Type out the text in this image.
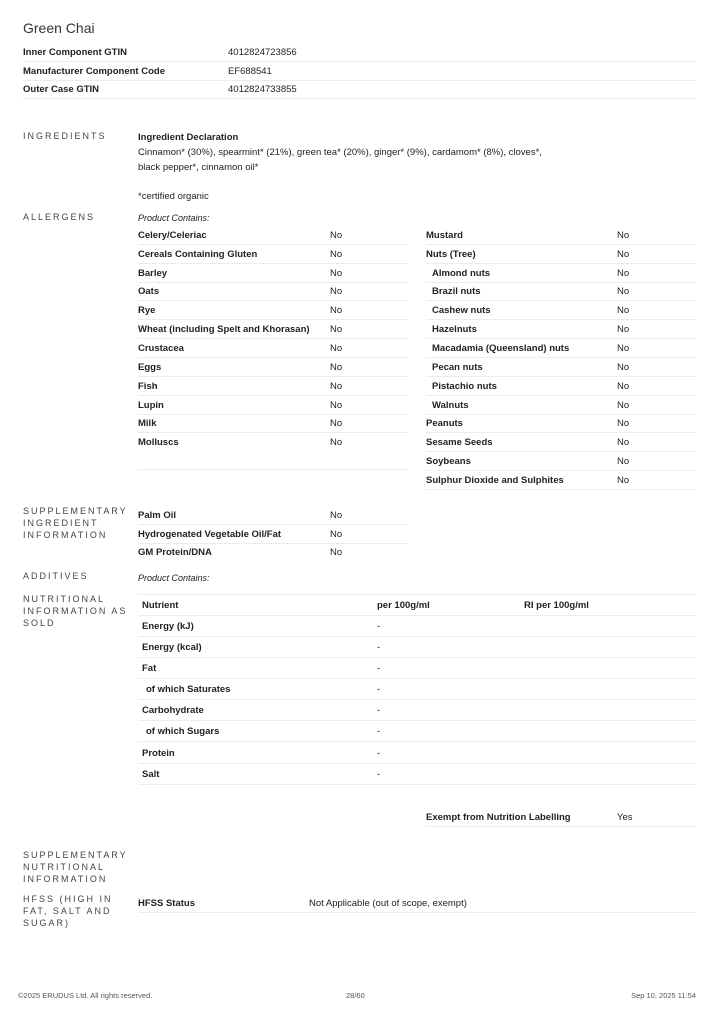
Green Chai
Inner Component GTIN	4012824723856
Manufacturer Component Code	EF688541
Outer Case GTIN	4012824733855
INGREDIENTS	Ingredient Declaration
Cinnamon* (30%), spearmint* (21%), green tea* (20%), ginger* (9%), cardamom* (8%), cloves*,
black pepper*, cinnamon oil*
*certified organic
ALLERGENS	Product Contains:
Celery/Celeriac	No
Cereals Containing Gluten	No
Barley	No
Oats	No
Rye	No
Wheat (including Spelt and Khorasan) No
Crustacea	No
Eggs	No
Fish	No
Lupin	No
Milk	No
Molluscs	No
Mustard	No
Nuts (Tree)	No
Almond nuts	No
Brazil nuts	No
Cashew nuts	No
Hazelnuts	No
Macadamia (Queensland) nuts	No
Pecan nuts	No
Pistachio nuts	No
Walnuts	No
Peanuts	No
Sesame Seeds	No
Soybeans	No
Sulphur Dioxide and Sulphites	No
SUPPLEMENTARY
INGREDIENT
INFORMATION
Palm Oil	No
Hydrogenated Vegetable Oil/Fat	No
GM Protein/DNA	No
ADDITIVES	Product Contains:
NUTRITIONAL
INFORMATION AS
SOLD
Nutrient	per 100g/ml	RI per 100g/ml
Energy (kJ)	-
Energy (kcal)	-
Fat	-
of which Saturates	-
Carbohydrate	-
of which Sugars	-
Protein	-
Salt	-
Exempt from Nutrition Labelling	Yes
SUPPLEMENTARY
NUTRITIONAL
INFORMATION
HFSS (HIGH IN
FAT, SALT AND
SUGAR)
HFSS Status	Not Applicable (out of scope, exempt)
©2025 ERUDUS Ltd. All rights reserved.	28/60	Sep 10, 2025 11:54
